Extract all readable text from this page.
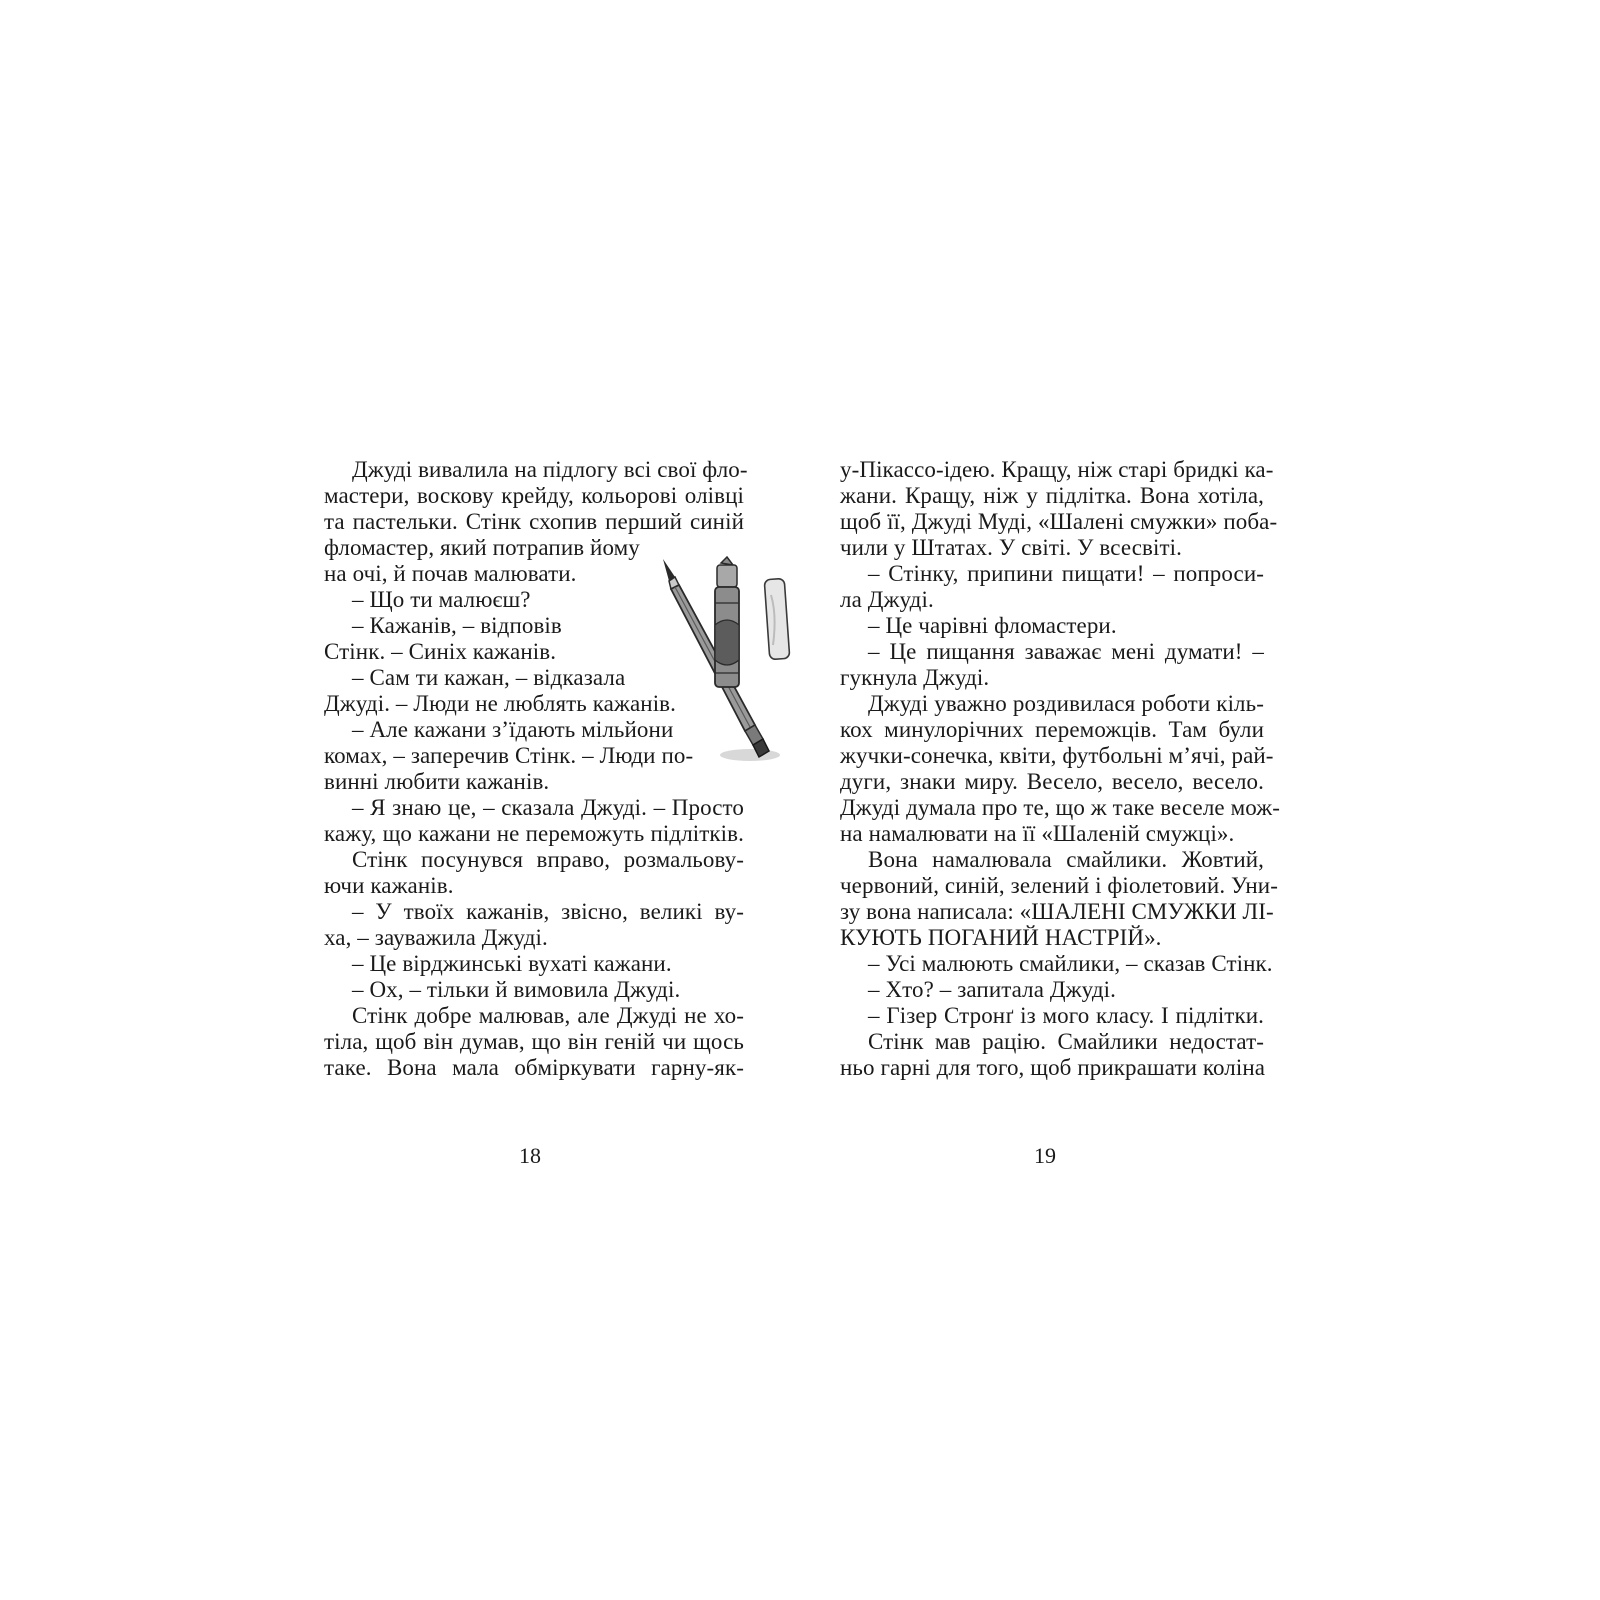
Джуді вивалила на підлогу всі свої фло-
мастери, воскову крейду, кольорові олівці
та пастельки. Стінк схопив перший синій
фломастер, який потрапив йому
на очі, й почав малювати.
– Що ти малюєш?
– Кажанів, – відповів
Стінк. – Синіх кажанів.
– Сам ти кажан, – відказала
Джуді. – Люди не люблять кажанів.
– Але кажани з’їдають мільйони
комах, – заперечив Стінк. – Люди по-
винні любити кажанів.
– Я знаю це, – сказала Джуді. – Просто
кажу, що кажани не переможуть підлітків.
Стінк посунувся вправо, розмальову-
ючи кажанів.
– У твоїх кажанів, звісно, великі ву-
ха, – зауважила Джуді.
– Це вірджинські вухаті кажани.
– Ох, – тільки й вимовила Джуді.
Стінк добре малював, але Джуді не хо-
тіла, щоб він думав, що він геній чи щось
таке. Вона мала обміркувати гарну-як-
18
у-Пікассо-ідею. Кращу, ніж старі бридкі ка-
жани. Кращу, ніж у підлітка. Вона хотіла,
щоб її, Джуді Муді, «Шалені смужки» поба-
чили у Штатах. У світі. У всесвіті.
– Стінку, припини пищати! – попроси-
ла Джуді.
– Це чарівні фломастери.
– Це пищання заважає мені думати! –
гукнула Джуді.
Джуді уважно роздивилася роботи кіль-
кох минулорічних переможців. Там були
жучки-сонечка, квіти, футбольні м’ячі, рай-
дуги, знаки миру. Весело, весело, весело.
Джуді думала про те, що ж таке веселе мож-
на намалювати на її «Шаленій смужці».
Вона намалювала смайлики. Жовтий,
червоний, синій, зелений і фіолетовий. Уни-
зу вона написала: «ШАЛЕНІ СМУЖКИ ЛІ-
КУЮТЬ ПОГАНИЙ НАСТРІЙ».
– Усі малюють смайлики, – сказав Стінк.
– Хто? – запитала Джуді.
– Гізер Стронґ із мого класу. І підлітки.
Стінк мав рацію. Смайлики недостат-
ньо гарні для того, щоб прикрашати коліна
19
